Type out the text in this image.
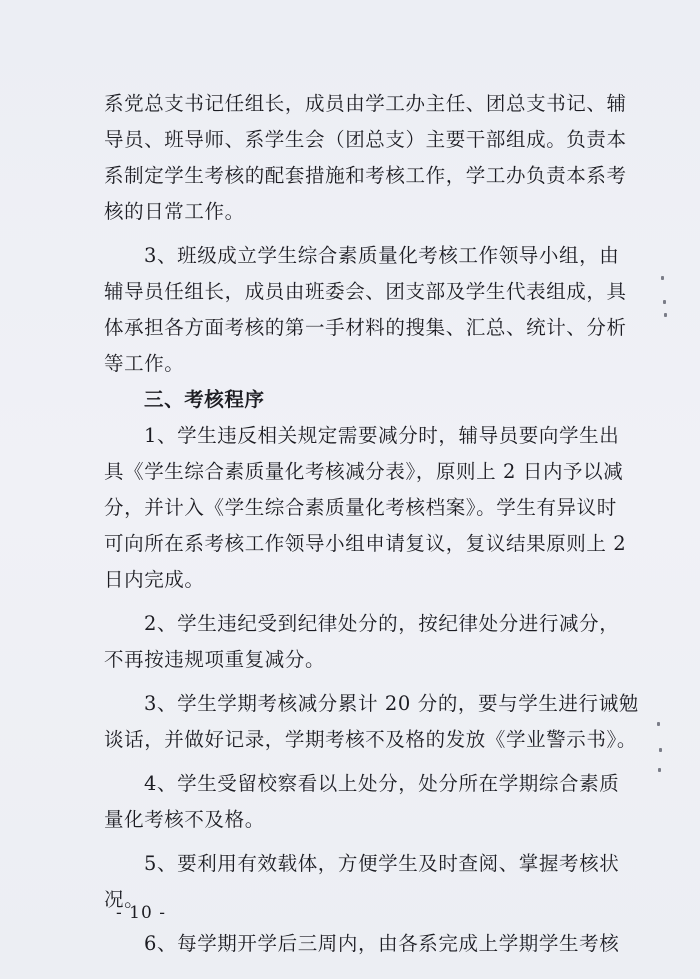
系党总支书记任组长，成员由学工办主任、团总支书记、辅
导员、班导师、系学生会（团总支）主要干部组成。负责本
系制定学生考核的配套措施和考核工作，学工办负责本系考
核的日常工作。
3、班级成立学生综合素质量化考核工作领导小组，由
辅导员任组长，成员由班委会、团支部及学生代表组成，具
体承担各方面考核的第一手材料的搜集、汇总、统计、分析
等工作。
三、考核程序
1、学生违反相关规定需要减分时，辅导员要向学生出
具《学生综合素质量化考核减分表》，原则上 2 日内予以减
分，并计入《学生综合素质量化考核档案》。学生有异议时
可向所在系考核工作领导小组申请复议，复议结果原则上 2
日内完成。
2、学生违纪受到纪律处分的，按纪律处分进行减分，
不再按违规项重复减分。
3、学生学期考核减分累计 20 分的，要与学生进行诫勉
谈话，并做好记录，学期考核不及格的发放《学业警示书》。
4、学生受留校察看以上处分，处分所在学期综合素质
量化考核不及格。
5、要利用有效载体，方便学生及时查阅、掌握考核状
况。
6、每学期开学后三周内，由各系完成上学期学生考核
- 10 -
